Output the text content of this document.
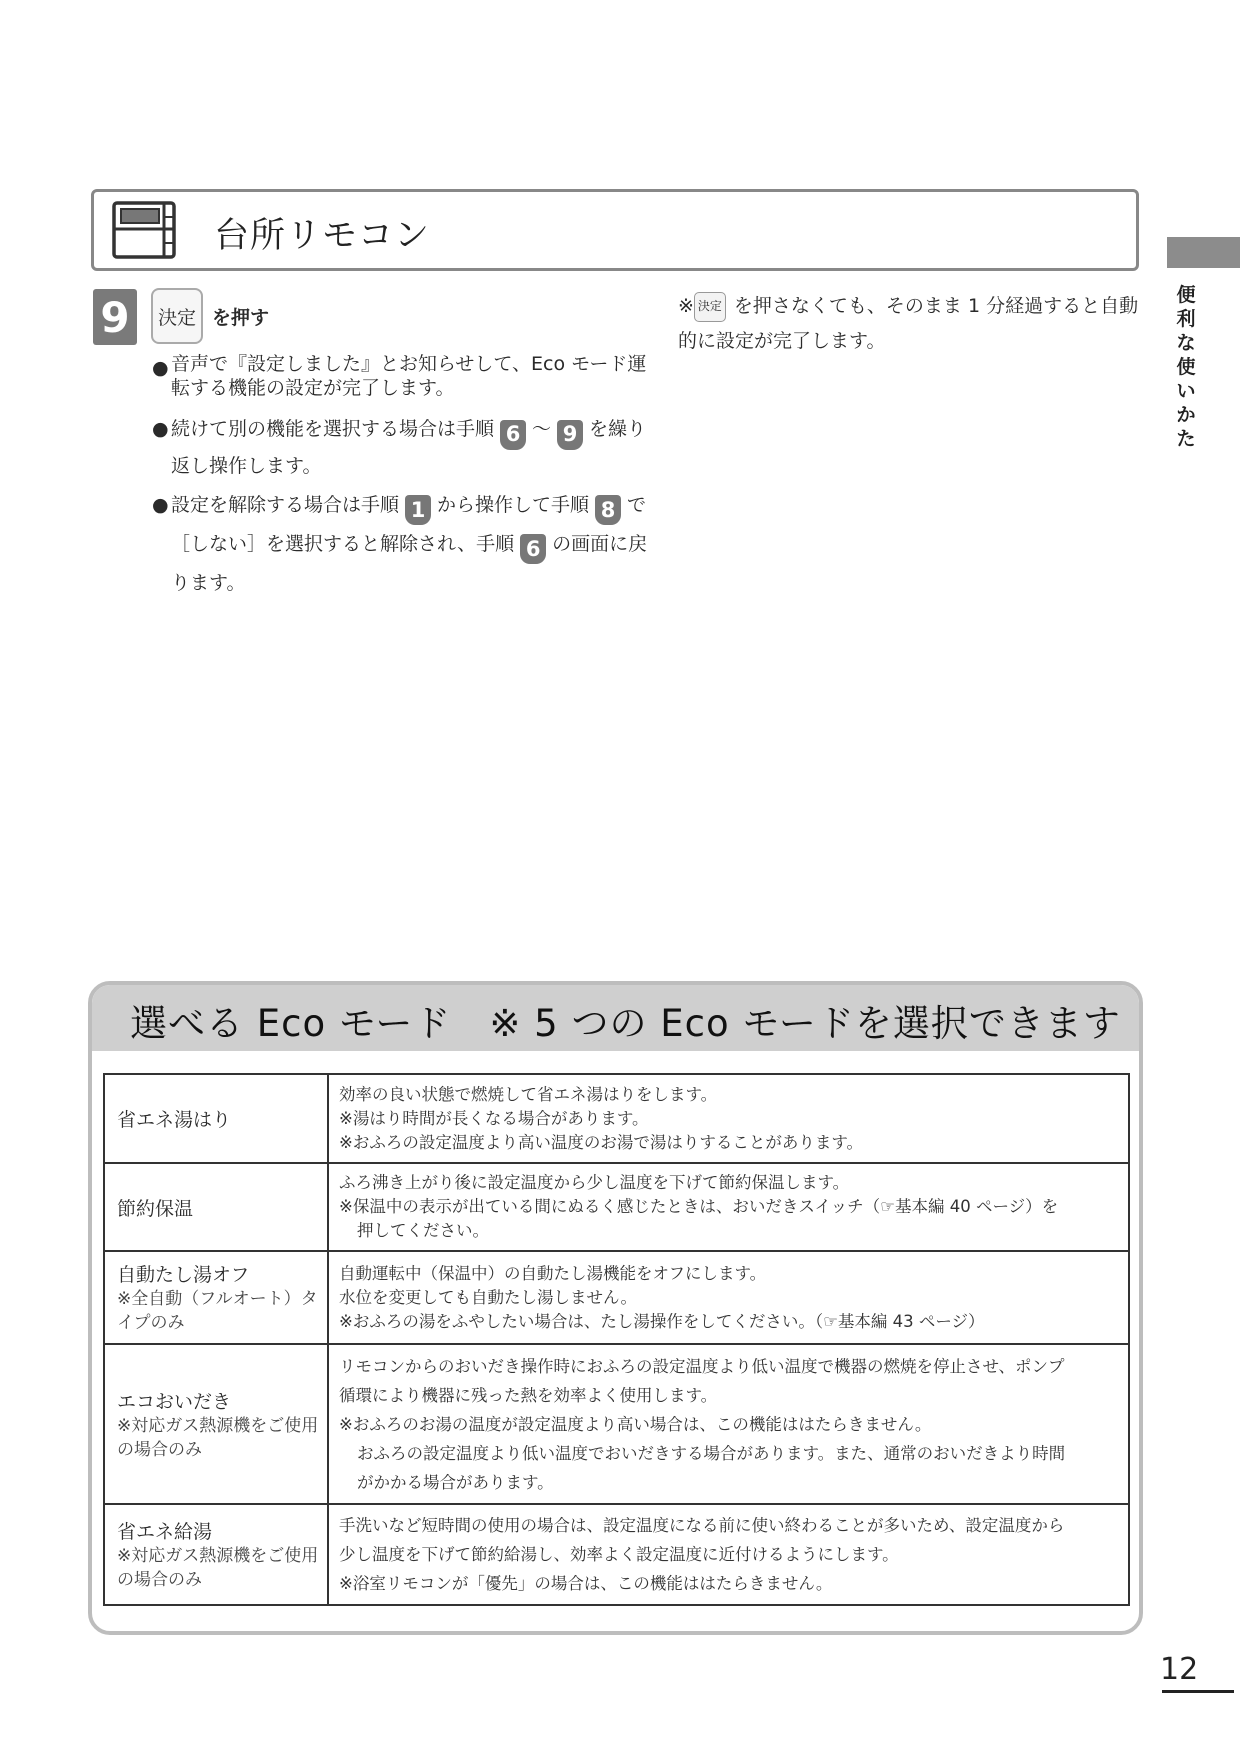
台所リモコン
便
利
な
使
い
か
た
9	決定 を押す
● 音声で『設定しました』とお知らせして、Eco モード運転する機能の設定が完了します。
● 続けて別の機能を選択する場合は手順 6 ～ 9 を繰り返し操作します。
● 設定を解除する場合は手順 1 から操作して手順 8 で［しない］を選択すると解除され、手順 6 の画面に戻ります。
※ 決定 を押さなくても、そのまま 1 分経過すると自動的に設定が完了します。
選べる Eco モード　※ 5 つの Eco モードを選択できます
省エネ湯はり	効率の良い状態で燃焼して省エネ湯はりをします。
※湯はり時間が長くなる場合があります。
※おふろの設定温度より高い温度のお湯で湯はりすることがあります。

節約保温	ふろ沸き上がり後に設定温度から少し温度を下げて節約保温します。
※保温中の表示が出ている間にぬるく感じたときは、おいだきスイッチ（☞基本編 40 ページ）を
押してください。

自動たし湯オフ
※全自動（フルオート）タイプのみ	自動運転中（保温中）の自動たし湯機能をオフにします。
水位を変更しても自動たし湯しません。
※おふろの湯をふやしたい場合は、たし湯操作をしてください。（☞基本編 43 ページ）

エコおいだき
※対応ガス熱源機をご使用の場合のみ	リモコンからのおいだき操作時におふろの設定温度より低い温度で機器の燃焼を停止させ、ポンプ
循環により機器に残った熱を効率よく使用します。
※おふろのお湯の温度が設定温度より高い場合は、この機能ははたらきません。
おふろの設定温度より低い温度でおいだきする場合があります。また、通常のおいだきより時間
がかかる場合があります。

省エネ給湯
※対応ガス熱源機をご使用の場合のみ	手洗いなど短時間の使用の場合は、設定温度になる前に使い終わることが多いため、設定温度から
少し温度を下げて節約給湯し、効率よく設定温度に近付けるようにします。
※浴室リモコンが「優先」の場合は、この機能ははたらきません。
12
